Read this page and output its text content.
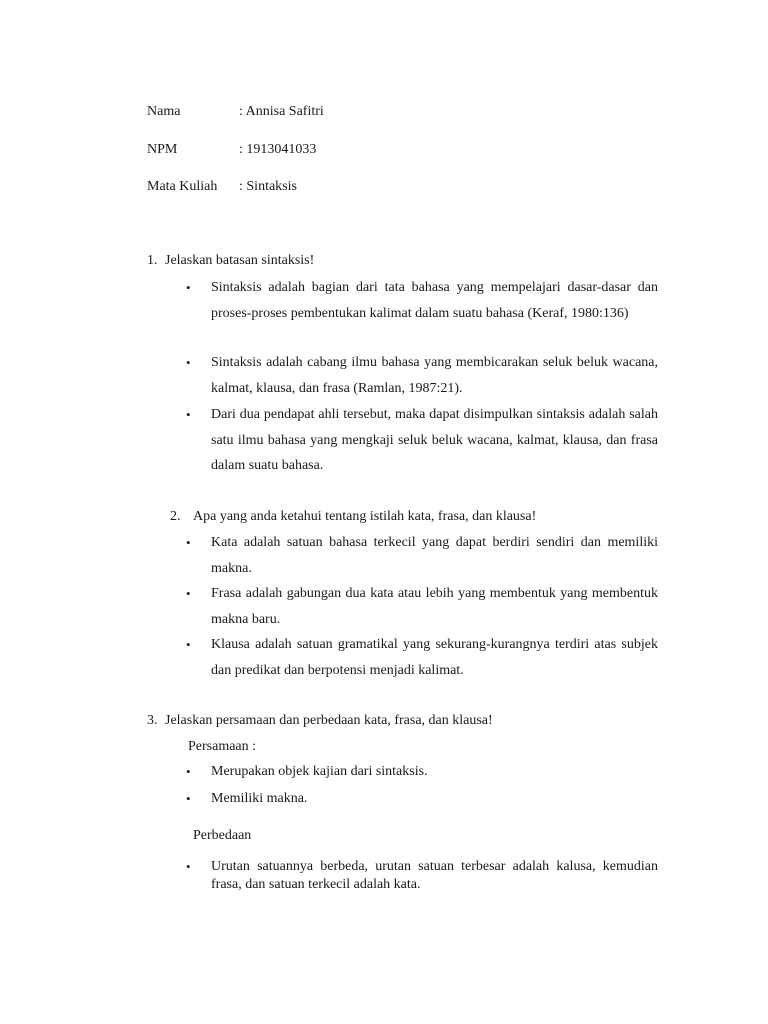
Nama	: Annisa Safitri
NPM	: 1913041033
Mata Kuliah : Sintaksis
1. Jelaskan batasan sintaksis!
• Sintaksis adalah bagian dari tata bahasa yang mempelajari dasar-dasar dan proses-proses pembentukan kalimat dalam suatu bahasa (Keraf, 1980:136)
• Sintaksis adalah cabang ilmu bahasa yang membicarakan seluk beluk wacana, kalmat, klausa, dan frasa (Ramlan, 1987:21).
• Dari dua pendapat ahli tersebut, maka dapat disimpulkan sintaksis adalah salah satu ilmu bahasa yang mengkaji seluk beluk wacana, kalmat, klausa, dan frasa dalam suatu bahasa.
2. Apa yang anda ketahui tentang istilah kata, frasa, dan klausa!
• Kata adalah satuan bahasa terkecil yang dapat berdiri sendiri dan memiliki makna.
• Frasa adalah gabungan dua kata atau lebih yang membentuk yang membentuk makna baru.
• Klausa adalah satuan gramatikal yang sekurang-kurangnya terdiri atas subjek dan predikat dan berpotensi menjadi kalimat.
3. Jelaskan persamaan dan perbedaan kata, frasa, dan klausa!
Persamaan :
• Merupakan objek kajian dari sintaksis.
• Memiliki makna.
Perbedaan
• Urutan satuannya berbeda, urutan satuan terbesar adalah kalusa, kemudian frasa, dan satuan terkecil adalah kata.
